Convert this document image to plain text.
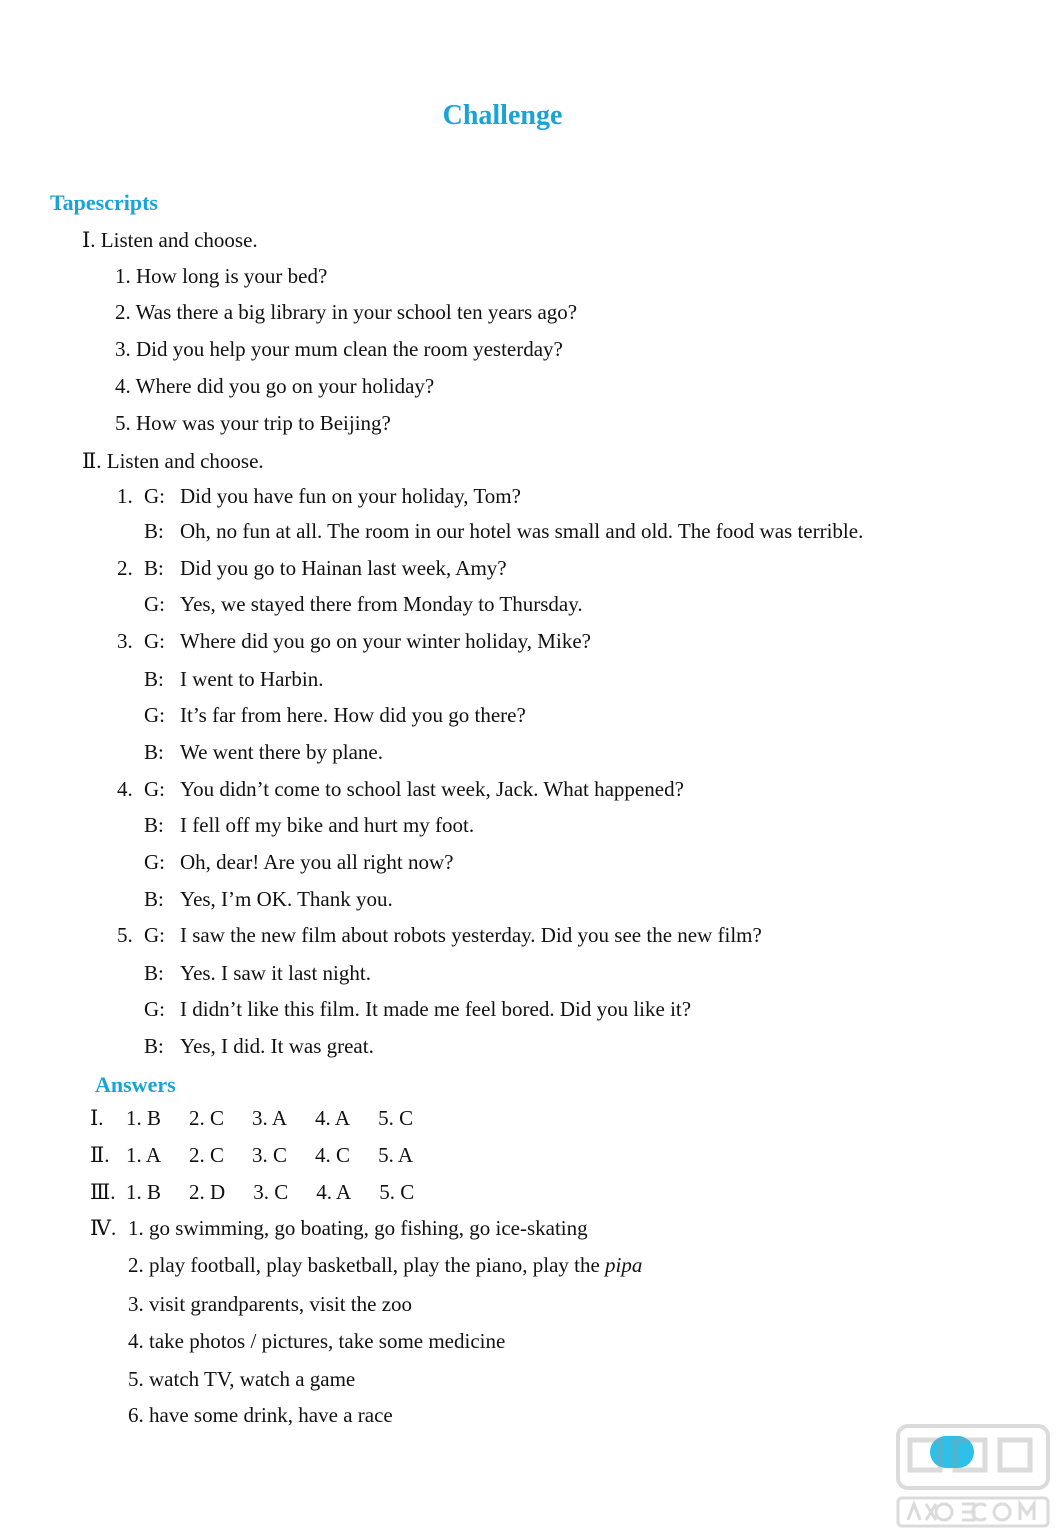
Challenge
Tapescripts
Ⅰ. Listen and choose.
1. How long is your bed?
2. Was there a big library in your school ten years ago?
3. Did you help your mum clean the room yesterday?
4. Where did you go on your holiday?
5. How was your trip to Beijing?
Ⅱ. Listen and choose.
1. G: Did you have fun on your holiday, Tom?
B: Oh, no fun at all. The room in our hotel was small and old. The food was terrible.
2. B: Did you go to Hainan last week, Amy?
G: Yes, we stayed there from Monday to Thursday.
3. G: Where did you go on your winter holiday, Mike?
B: I went to Harbin.
G: It’s far from here. How did you go there?
B: We went there by plane.
4. G: You didn’t come to school last week, Jack. What happened?
B: I fell off my bike and hurt my foot.
G: Oh, dear! Are you all right now?
B: Yes, I’m OK. Thank you.
5. G: I saw the new film about robots yesterday. Did you see the new film?
B: Yes. I saw it last night.
G: I didn’t like this film. It made me feel bored. Did you like it?
B: Yes, I did. It was great.
Answers
Ⅰ. 1. B 2. C 3. A 4. A 5. C
Ⅱ. 1. A 2. C 3. C 4. C 5. A
Ⅲ. 1. B 2. D 3. C 4. A 5. C
Ⅳ. 1. go swimming, go boating, go fishing, go ice-skating
2. play football, play basketball, play the piano, play the pipa
3. visit grandparents, visit the zoo
4. take photos / pictures, take some medicine
5. watch TV, watch a game
6. have some drink, have a race
